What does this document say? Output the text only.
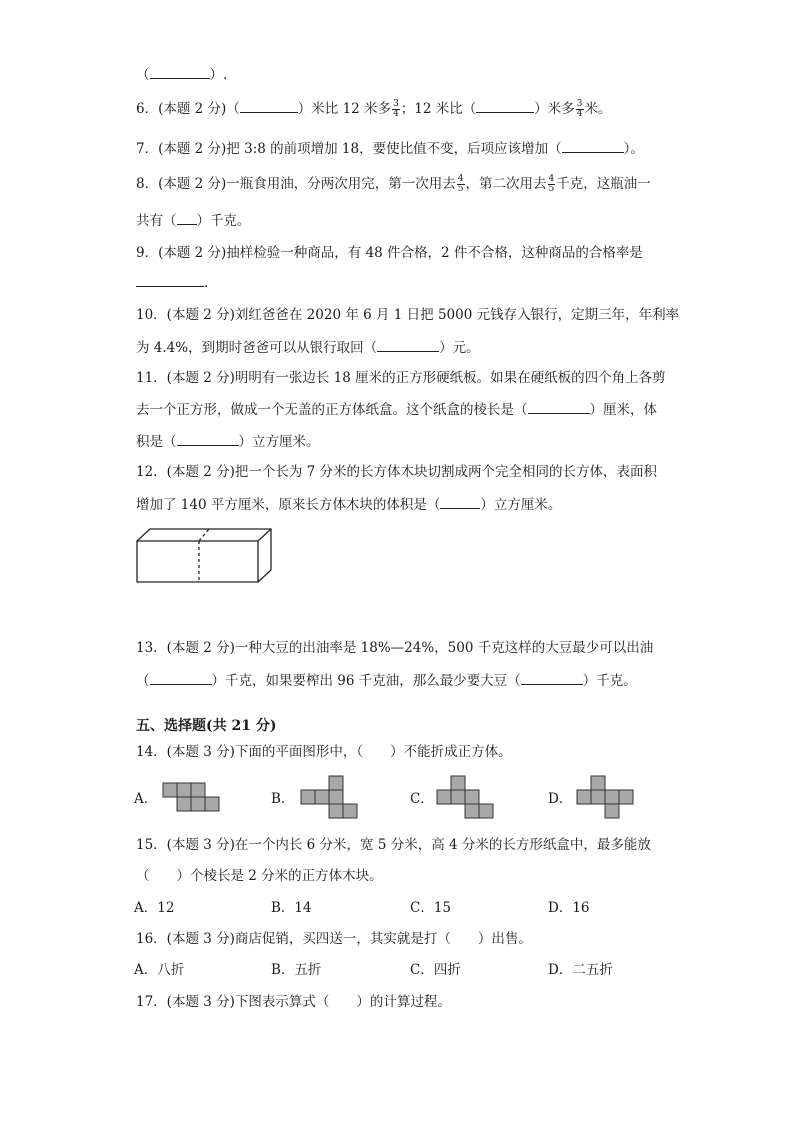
（	）.
6．(本题 2 分)（	）米比 12 米多 $\frac{3}{4}$ ；12 米比（	）米多 $\frac{3}{4}$ 米。
7．(本题 2 分)把 3:8 的前项增加 18，要使比值不变，后项应该增加（	）。
8．(本题 2 分)一瓶食用油，分两次用完，第一次用去 $\frac{4}{5}$ ，第二次用去 $\frac{4}{5}$ 千克，这瓶油一
共有（ ）千克。
9．(本题 2 分)抽样检验一种商品，有 48 件合格，2 件不合格，这种商品的合格率是
.
10．(本题 2 分)刘红爸爸在 2020 年 6 月 1 日把 5000 元钱存入银行，定期三年，年利率
为 4.4%，到期时爸爸可以从银行取回（	）元。
11．(本题 2 分)明明有一张边长 18 厘米的正方形硬纸板。如果在硬纸板的四个角上各剪
去一个正方形，做成一个无盖的正方体纸盒。这个纸盒的棱长是（	）厘米，体
积是（	）立方厘米。
12．(本题 2 分)把一个长为 7 分米的长方体木块切割成两个完全相同的长方体，表面积
增加了 140 平方厘米，原来长方体木块的体积是（	）立方厘米。
13．(本题 2 分)一种大豆的出油率是 18%—24%，500 千克这样的大豆最少可以出油
（	）千克，如果要榨出 96 千克油，那么最少要大豆（	）千克。
五、选择题(共 21 分)
14．(本题 3 分)下面的平面图形中，（　　）不能折成正方体。
A．	B．	C．	D．
15．(本题 3 分)在一个内长 6 分米，宽 5 分米，高 4 分米的长方形纸盒中，最多能放
（　　）个棱长是 2 分米的正方体木块。
A．12	B．14	C．15	D．16
16．(本题 3 分)商店促销，买四送一，其实就是打（　　）出售。
A．八折	B．五折	C．四折	D．二五折
17．(本题 3 分)下图表示算式（　　）的计算过程。
